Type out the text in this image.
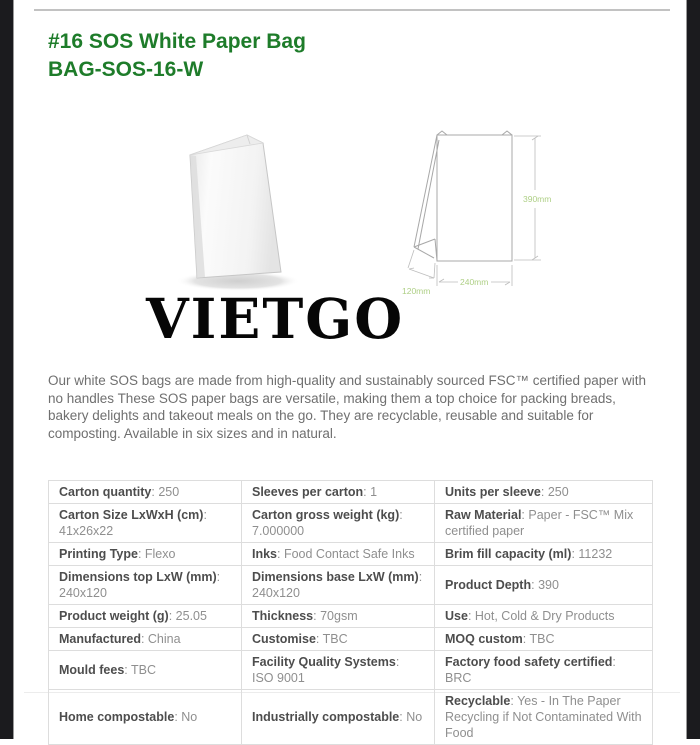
#16 SOS White Paper Bag
BAG-SOS-16-W
390mm
240mm
120mm
VIETGO
Our white SOS bags are made from high-quality and sustainably sourced FSC™ certified paper with no handles These SOS paper bags are versatile, making them a top choice for packing breads, bakery delights and takeout meals on the go. They are recyclable, reusable and suitable for composting. Available in six sizes and in natural.
Carton quantity: 250	Sleeves per carton: 1	Units per sleeve: 250
Carton Size LxWxH (cm): 41x26x22	Carton gross weight (kg): 7.000000	Raw Material: Paper - FSC™ Mix certified paper
Printing Type: Flexo	Inks: Food Contact Safe Inks	Brim fill capacity (ml): 11232
Dimensions top LxW (mm): 240x120	Dimensions base LxW (mm): 240x120	Product Depth: 390
Product weight (g): 25.05	Thickness: 70gsm	Use: Hot, Cold & Dry Products
Manufactured: China	Customise: TBC	MOQ custom: TBC
Mould fees: TBC	Facility Quality Systems: ISO 9001	Factory food safety certified: BRC
Home compostable: No	Industrially compostable: No	Recyclable: Yes - In The Paper Recycling if Not Contaminated With Food
